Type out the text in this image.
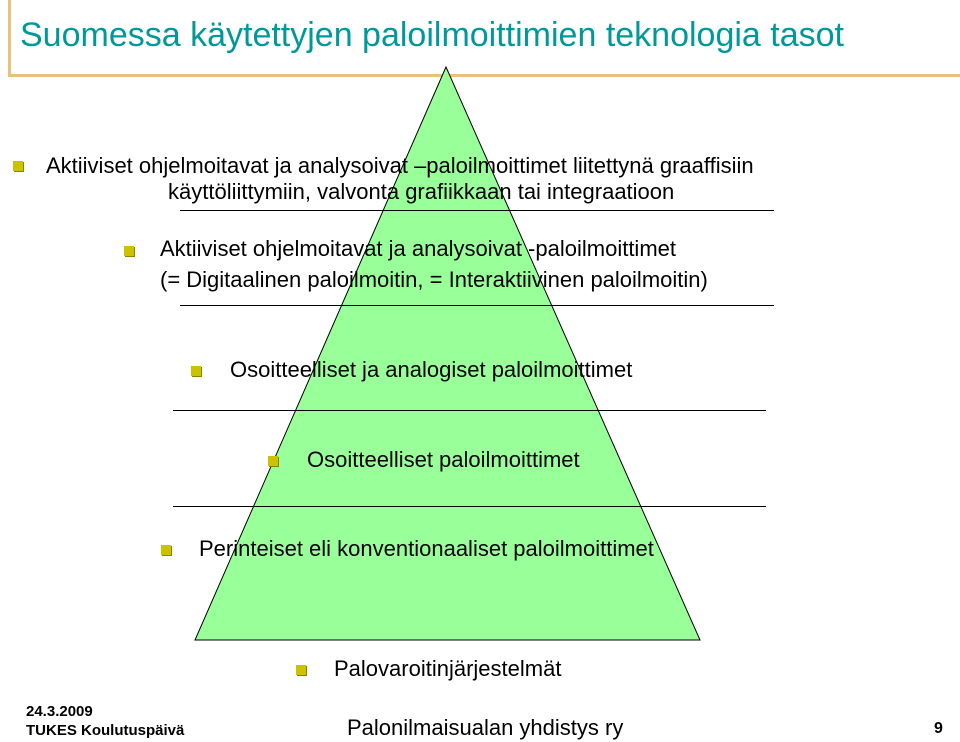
Suomessa käytettyjen paloilmoittimien teknologia tasot
Aktiiviset ohjelmoitavat ja analysoivat –paloilmoittimet liitettynä graaffisiin
käyttöliittymiin, valvonta grafiikkaan tai integraatioon
Aktiiviset ohjelmoitavat ja analysoivat -paloilmoittimet
(= Digitaalinen paloilmoitin, = Interaktiivinen paloilmoitin)
Osoitteelliset ja analogiset paloilmoittimet
Osoitteelliset paloilmoittimet
Perinteiset eli konventionaaliset paloilmoittimet
Palovaroitinjärjestelmät
24.3.2009
TUKES Koulutuspäivä	Palonilmaisualan yhdistys ry	9
